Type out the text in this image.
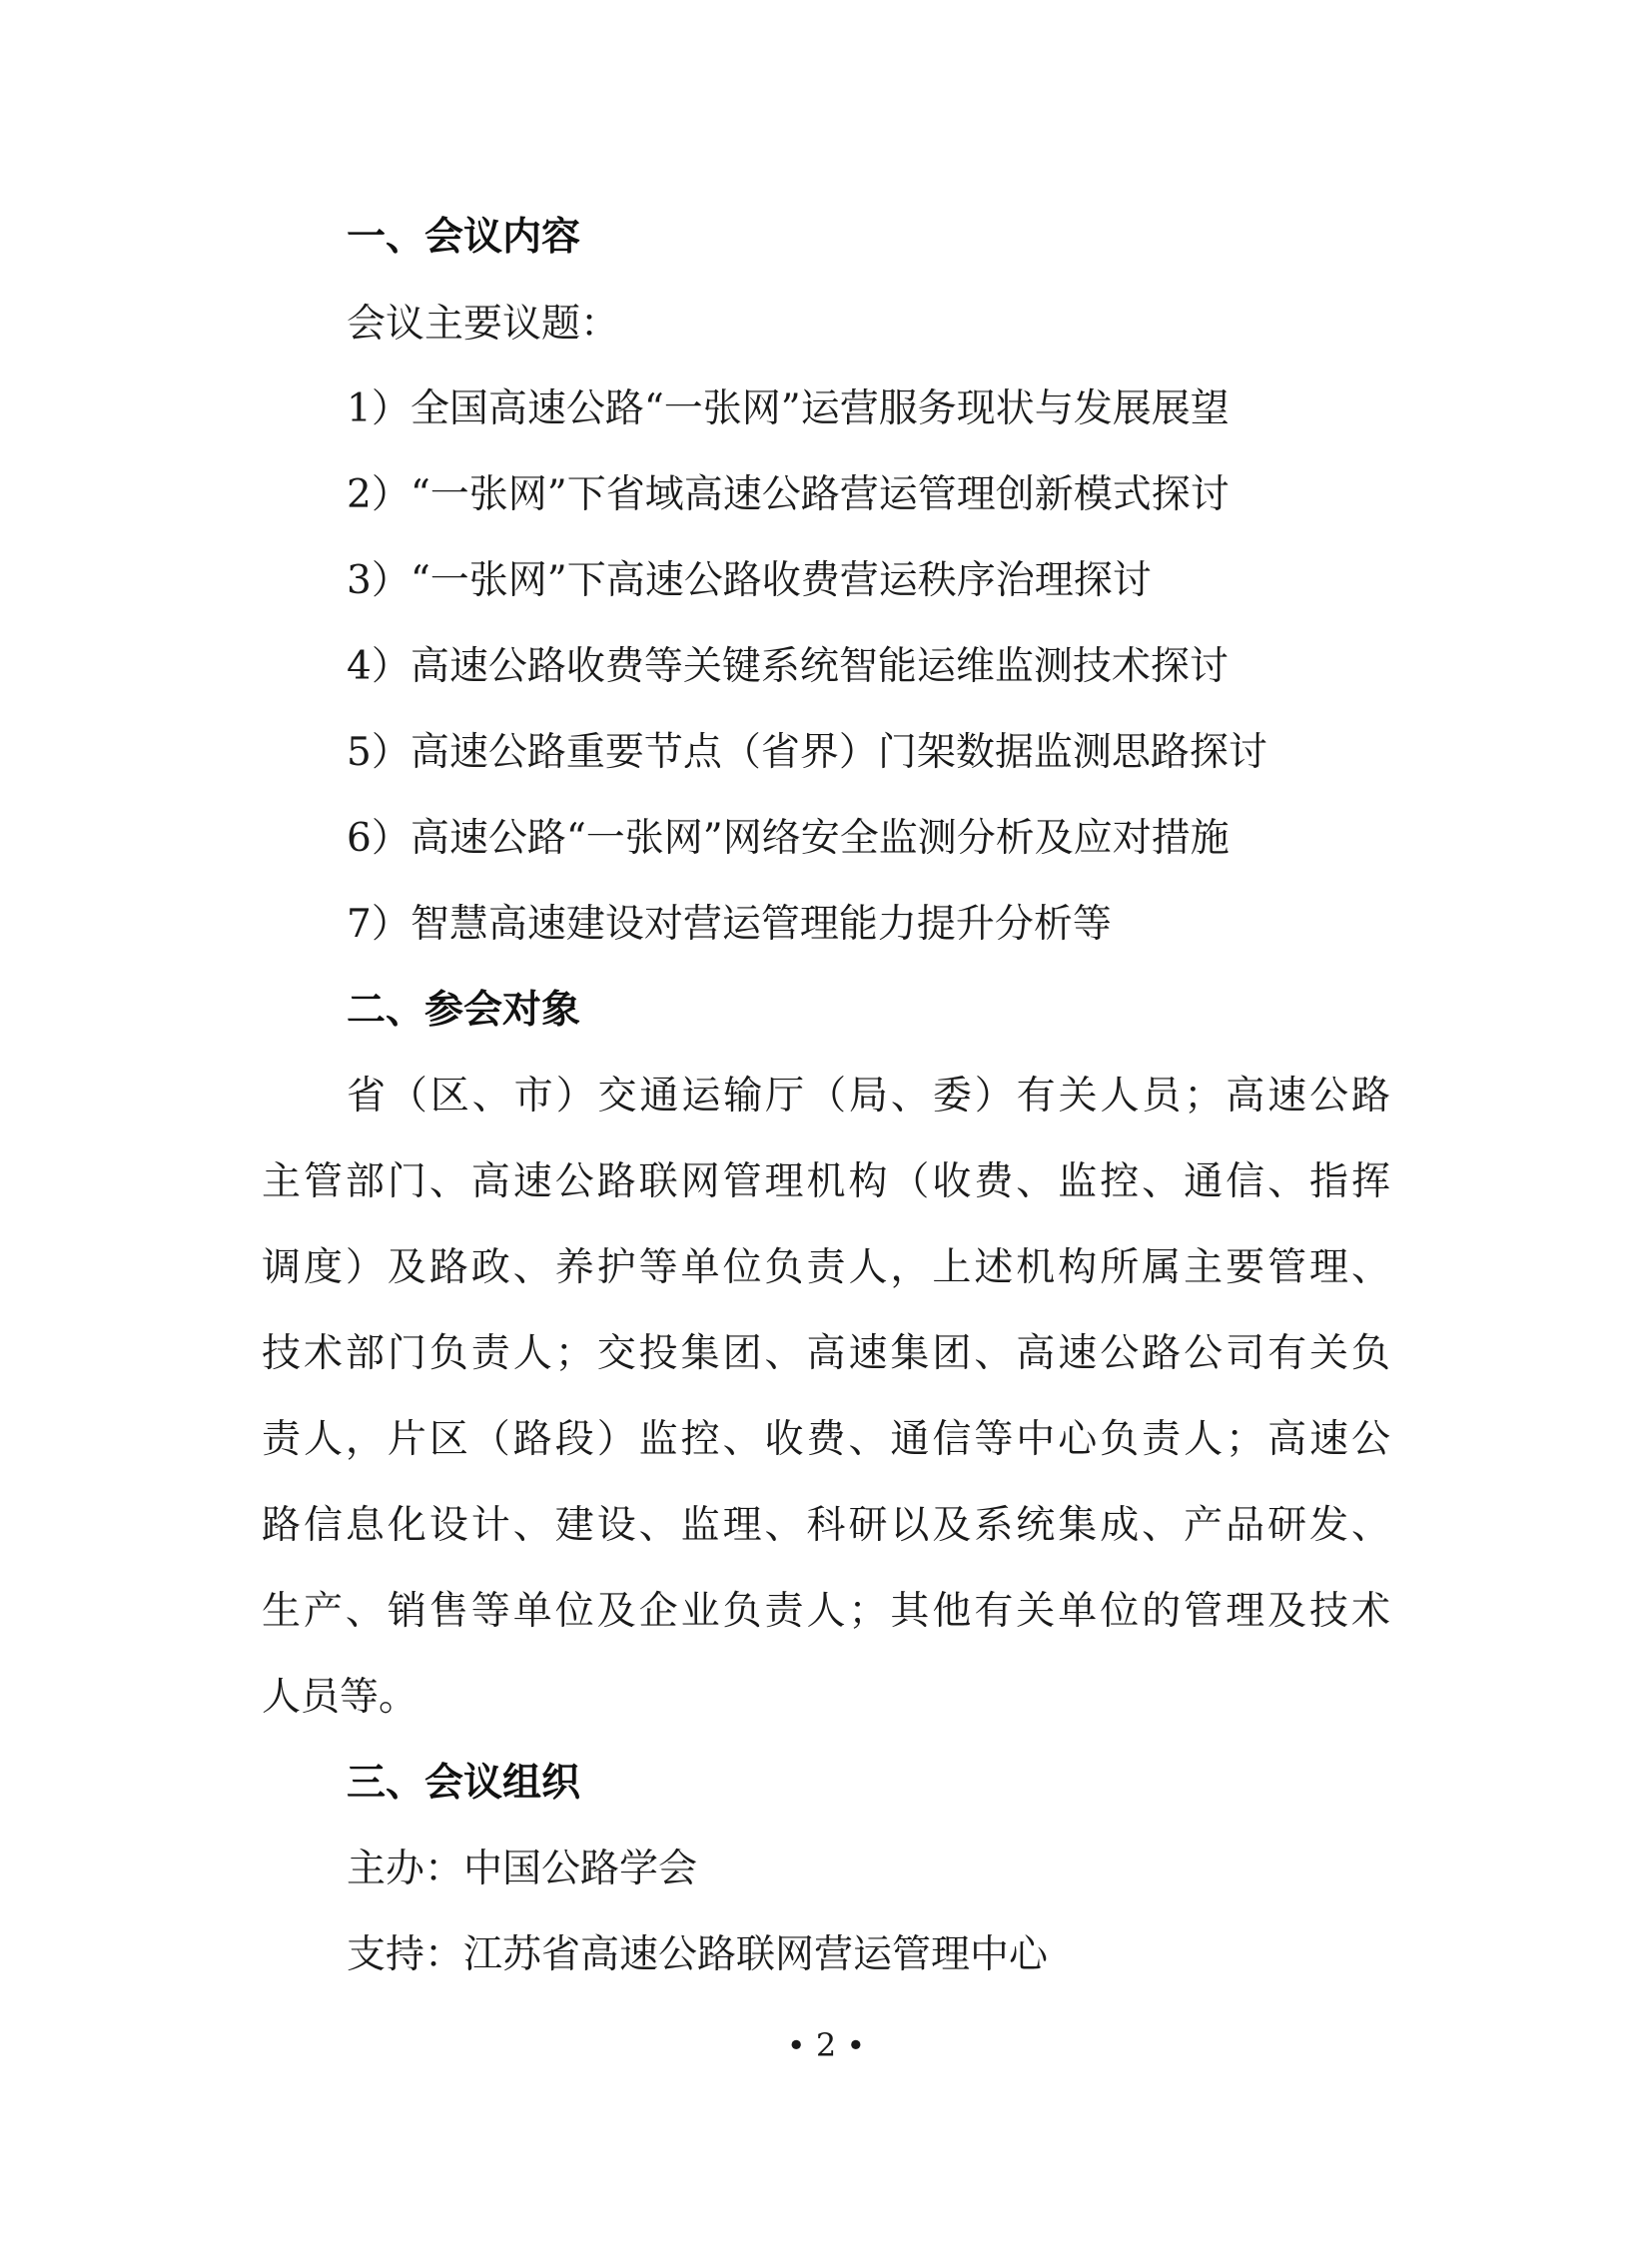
一、会议内容
会议主要议题：
1）全国高速公路“一张网”运营服务现状与发展展望
2）“一张网”下省域高速公路营运管理创新模式探讨
3）“一张网”下高速公路收费营运秩序治理探讨
4）高速公路收费等关键系统智能运维监测技术探讨
5）高速公路重要节点（省界）门架数据监测思路探讨
6）高速公路“一张网”网络安全监测分析及应对措施
7）智慧高速建设对营运管理能力提升分析等
二、参会对象
省（区、市）交通运输厅（局、委）有关人员；高速公路
主管部门、高速公路联网管理机构（收费、监控、通信、指挥
调度）及路政、养护等单位负责人，上述机构所属主要管理、
技术部门负责人；交投集团、高速集团、高速公路公司有关负
责人，片区（路段）监控、收费、通信等中心负责人；高速公
路信息化设计、建设、监理、科研以及系统集成、产品研发、
生产、销售等单位及企业负责人；其他有关单位的管理及技术
人员等。
三、会议组织
主办：中国公路学会
支持：江苏省高速公路联网营运管理中心
• 2 •
